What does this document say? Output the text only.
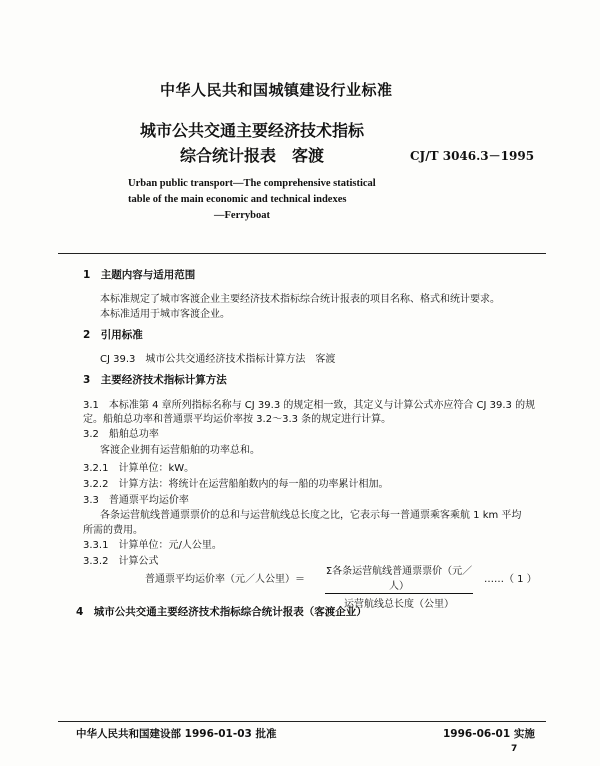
中华人民共和国城镇建设行业标准
城市公共交通主要经济技术指标
综合统计报表　客渡	CJ/T 3046.3－1995
Urban public transport—The comprehensive statistical
table of the main economic and technical indexes
—Ferryboat
1　主题内容与适用范围
本标准规定了城市客渡企业主要经济技术指标综合统计报表的项目名称、格式和统计要求。
本标准适用于城市客渡企业。
2　引用标准
CJ 39.3　城市公共交通经济技术指标计算方法　客渡
3　主要经济技术指标计算方法
3.1　本标准第 4 章所列指标名称与 CJ 39.3 的规定相一致，其定义与计算公式亦应符合 CJ 39.3 的规
定。船舶总功率和普通票平均运价率按 3.2～3.3 条的规定进行计算。
3.2　船舶总功率
客渡企业拥有运营船舶的功率总和。
3.2.1　计算单位：kW。
3.2.2　计算方法：将统计在运营船舶数内的每一船的功率累计相加。
3.3　普通票平均运价率
各条运营航线普通票票价的总和与运营航线总长度之比，它表示每一普通票乘客乘航 1 km 平均
所需的费用。
3.3.1　计算单位：元/人公里。
3.3.2　计算公式
普通票平均运价率（元／人公里）＝
Σ各条运营航线普通票票价（元／人）
运营航线总长度（公里）
……（ 1 ）
4　城市公共交通主要经济技术指标综合统计报表（客渡企业）
中华人民共和国建设部 1996-01-03 批准	1996-06-01 实施
7
